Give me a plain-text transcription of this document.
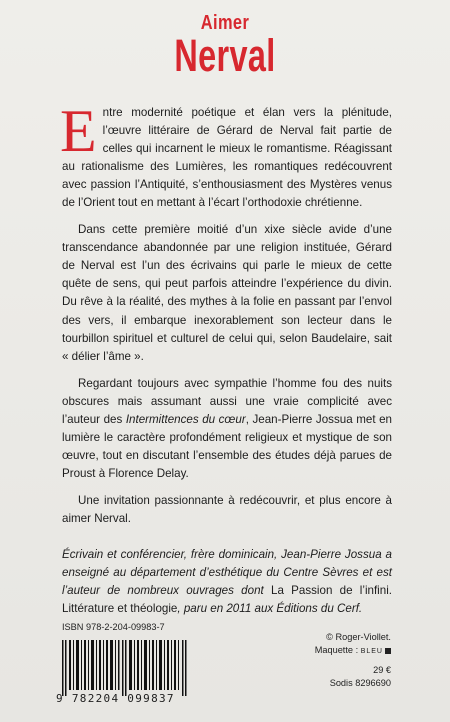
Aimer
Nerval

Entre modernité poétique et élan vers la plénitude, l’œuvre littéraire de Gérard de Nerval fait partie de celles qui incarnent le mieux le romantisme. Réagissant au rationalisme des Lumières, les romantiques redécouvrent avec passion l’Antiquité, s’enthousiasment des Mystères venus de l’Orient tout en mettant à l’écart l’orthodoxie chrétienne.

Dans cette première moitié d’un xixe siècle avide d’une transcendance abandonnée par une religion instituée, Gérard de Nerval est l’un des écrivains qui parle le mieux de cette quête de sens, qui peut parfois atteindre l’expérience du divin. Du rêve à la réalité, des mythes à la folie en passant par l’envol des vers, il embarque inexorablement son lecteur dans le tourbillon spirituel et culturel de celui qui, selon Baudelaire, sait « délier l’âme ».

Regardant toujours avec sympathie l’homme fou des nuits obscures mais assumant aussi une vraie complicité avec l’auteur des Intermittences du cœur, Jean-Pierre Jossua met en lumière le caractère profondément religieux et mystique de son œuvre, tout en discutant l’ensemble des études déjà parues de Proust à Florence Delay.

Une invitation passionnante à redécouvrir, et plus encore à aimer Nerval.

Écrivain et conférencier, frère dominicain, Jean-Pierre Jossua a enseigné au département d’esthétique du Centre Sèvres et est l’auteur de nombreux ouvrages dont La Passion de l’infini. Littérature et théologie, paru en 2011 aux Éditions du Cerf.
ISBN 978-2-204-09983-7
© Roger-Viollet.
Maquette : BLEU
29 €
Sodis 8296690
9 782204 099837
